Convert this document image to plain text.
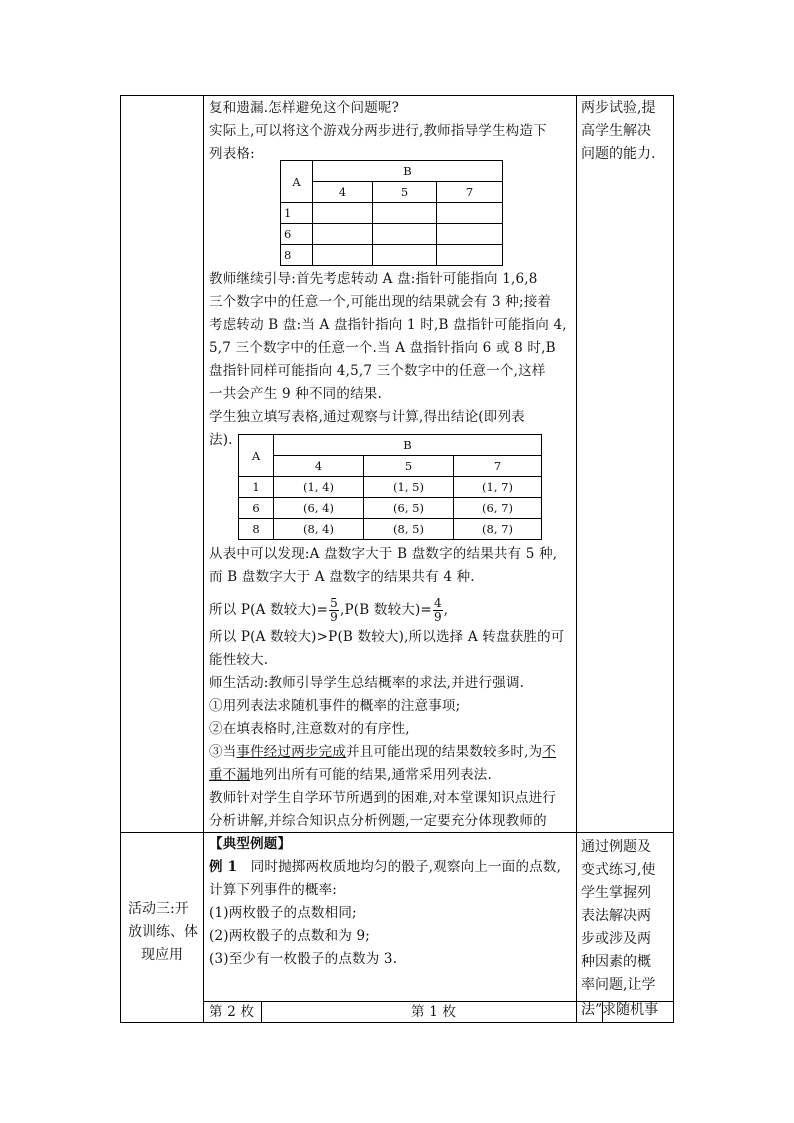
复和遗漏.怎样避免这个问题呢?
实际上,可以将这个游戏分两步进行,教师指导学生构造下
列表格:
A	B		
	4	5	7
1			
6			
8			
教师继续引导:首先考虑转动 A 盘:指针可能指向 1,6,8
三个数字中的任意一个,可能出现的结果就会有 3 种;接着
考虑转动 B 盘:当 A 盘指针指向 1 时,B 盘指针可能指向 4,
5,7 三个数字中的任意一个.当 A 盘指针指向 6 或 8 时,B
盘指针同样可能指向 4,5,7 三个数字中的任意一个,这样
一共会产生 9 种不同的结果.
学生独立填写表格,通过观察与计算,得出结论(即列表
法).
A	B		
	4	5	7
1	(1, 4)	(1, 5)	(1, 7)
6	(6, 4)	(6, 5)	(6, 7)
8	(8, 4)	(8, 5)	(8, 7)
从表中可以发现:A 盘数字大于 B 盘数字的结果共有 5 种,
而 B 盘数字大于 A 盘数字的结果共有 4 种.
所以 P(A 数较大)= $\frac{5}{9} ,P(B$ 数较大)= $\frac{4}{9}$ ,
所以 P(A 数较大)>P(B 数较大),所以选择 A 转盘获胜的可
能性较大.
师生活动:教师引导学生总结概率的求法,并进行强调.
①用列表法求随机事件的概率的注意事项;
②在填表格时,注意数对的有序性,
③当事件经过两步完成并且可能出现的结果数较多时,为不
重不漏地列出所有可能的结果,通常采用列表法.
教师针对学生自学环节所遇到的困难,对本堂课知识点进行
分析讲解,并综合知识点分析例题,一定要充分体现教师的
两步试验,提
高学生解决
问题的能力.
活动三:开
放训练、体
现应用
【典型例题】
例 1 同时抛掷两枚质地均匀的骰子,观察向上一面的点数,
计算下列事件的概率:
(1)两枚骰子的点数相同;
(2)两枚骰子的点数和为 9;
(3)至少有一枚骰子的点数为 3.
通过例题及
变式练习,使
学生掌握列
表法解决两
步或涉及两
种因素的概
率问题,让学
第 2 枚	第 1 枚	法”求随机事
